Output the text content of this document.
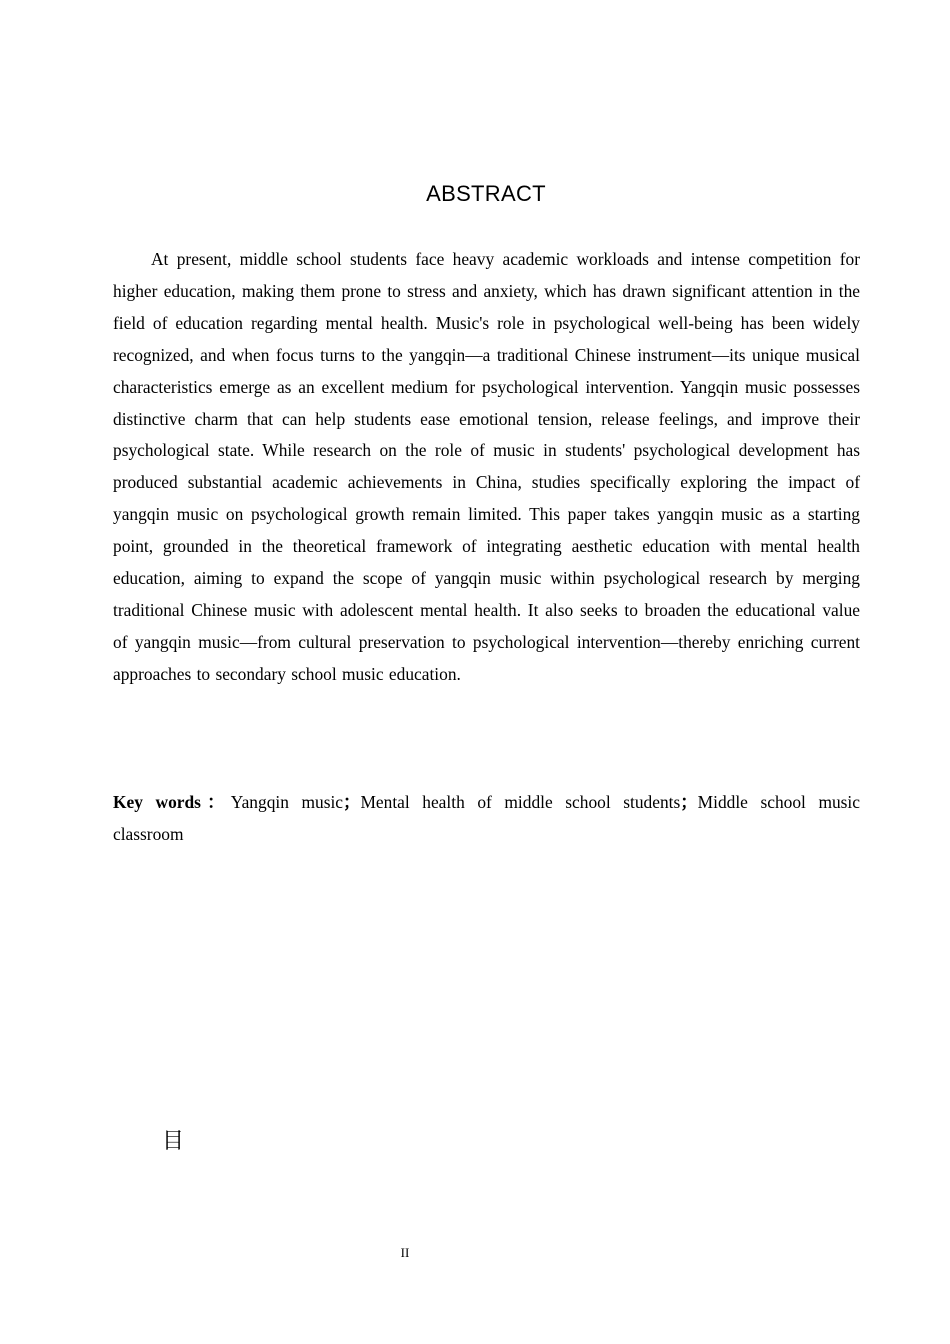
ABSTRACT

At present, middle school students face heavy academic workloads and intense competition for higher education, making them prone to stress and anxiety, which has drawn significant attention in the field of education regarding mental health. Music's role in psychological well-being has been widely recognized, and when focus turns to the yangqin—a traditional Chinese instrument—its unique musical characteristics emerge as an excellent medium for psychological intervention. Yangqin music possesses distinctive charm that can help students ease emotional tension, release feelings, and improve their psychological state. While research on the role of music in students' psychological development has produced substantial academic achievements in China, studies specifically exploring the impact of yangqin music on psychological growth remain limited. This paper takes yangqin music as a starting point, grounded in the theoretical framework of integrating aesthetic education with mental health education, aiming to expand the scope of yangqin music within psychological research by merging traditional Chinese music with adolescent mental health. It also seeks to broaden the educational value of yangqin music—from cultural preservation to psychological intervention—thereby enriching current approaches to secondary school music education.

Key words：Yangqin music；Mental health of middle school students；Middle school music classroom

目
II
